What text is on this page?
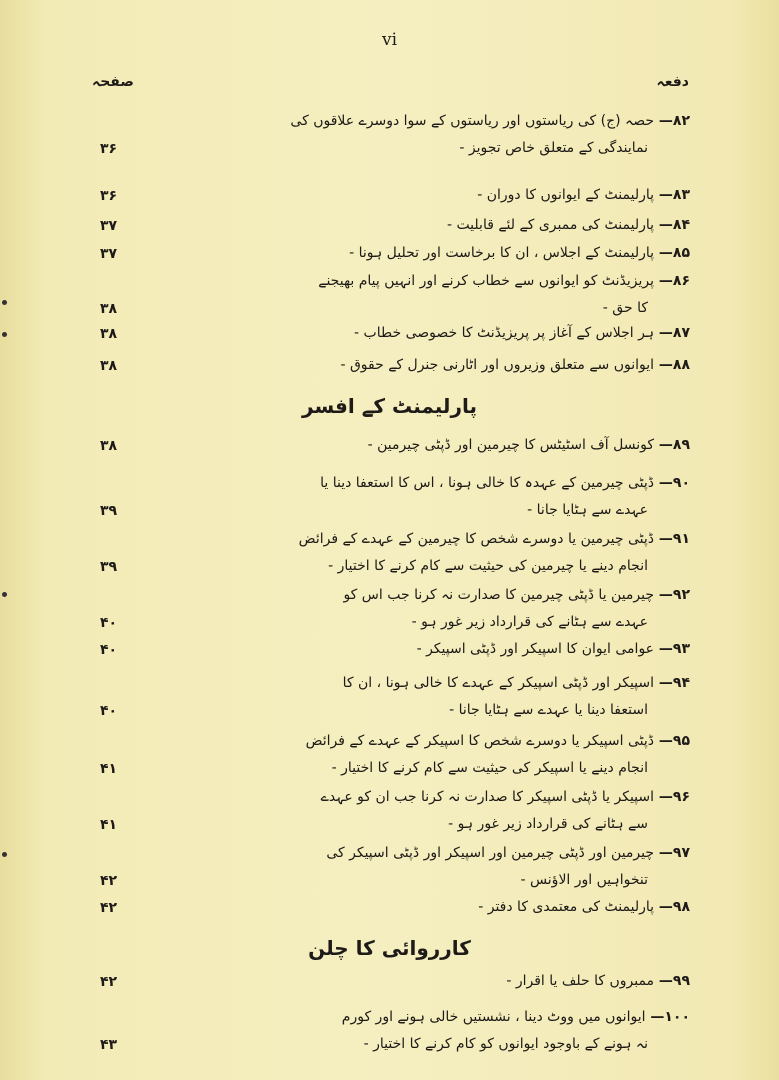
vi
صفحہ	دفعہ
پارلیمنٹ کے افسر
کارروائی کا چلن
۸۲— حصہ (ج) کی ریاستوں اور ریاستوں کے سوا دوسرے علاقوں کی
نمایندگی کے متعلق خاص تجویز -
۳۶
۸۳— پارلیمنٹ کے ایوانوں کا دوران -
۳۶
۸۴— پارلیمنٹ کی ممبری کے لئے قابلیت -
۳۷
۸۵— پارلیمنٹ کے اجلاس ، ان کا برخاست اور تحلیل ہونا -
۳۷
۸۶— پریزیڈنٹ کو ایوانوں سے خطاب کرنے اور انہیں پیام بھیجنے
کا حق -
۳۸
۸۷— ہر اجلاس کے آغاز پر پریزیڈنٹ کا خصوصی خطاب -
۳۸
۸۸— ایوانوں سے متعلق وزیروں اور اٹارنی جنرل کے حقوق -
۳۸
۸۹— کونسل آف اسٹیٹس کا چیرمین اور ڈپٹی چیرمین -
۳۸
۹۰— ڈپٹی چیرمین کے عہدہ کا خالی ہونا ، اس کا استعفا دینا یا
عہدے سے ہٹایا جانا -
۳۹
۹۱— ڈپٹی چیرمین یا دوسرے شخص کا چیرمین کے عہدے کے فرائض
انجام دینے یا چیرمین کی حیثیت سے کام کرنے کا اختیار -
۳۹
۹۲— چیرمین یا ڈپٹی چیرمین کا صدارت نہ کرنا جب اس کو
عہدے سے ہٹانے کی قرارداد زیر غور ہو -
۴۰
۹۳— عوامی ایوان کا اسپیکر اور ڈپٹی اسپیکر -
۴۰
۹۴— اسپیکر اور ڈپٹی اسپیکر کے عہدے کا خالی ہونا ، ان کا
استعفا دینا یا عہدے سے ہٹایا جانا -
۴۰
۹۵— ڈپٹی اسپیکر یا دوسرے شخص کا اسپیکر کے عہدے کے فرائض
انجام دینے یا اسپیکر کی حیثیت سے کام کرنے کا اختیار -
۴۱
۹۶— اسپیکر یا ڈپٹی اسپیکر کا صدارت نہ کرنا جب ان کو عہدے
سے ہٹانے کی قرارداد زیر غور ہو -
۴۱
۹۷— چیرمین اور ڈپٹی چیرمین اور اسپیکر اور ڈپٹی اسپیکر کی
تنخواہیں اور الاؤنس -
۴۲
۹۸— پارلیمنٹ کی معتمدی کا دفتر -
۴۲
۹۹— ممبروں کا حلف یا اقرار -
۴۲
۱۰۰— ایوانوں میں ووٹ دینا ، نشستیں خالی ہونے اور کورم
نہ ہونے کے باوجود ایوانوں کو کام کرنے کا اختیار -
۴۳
